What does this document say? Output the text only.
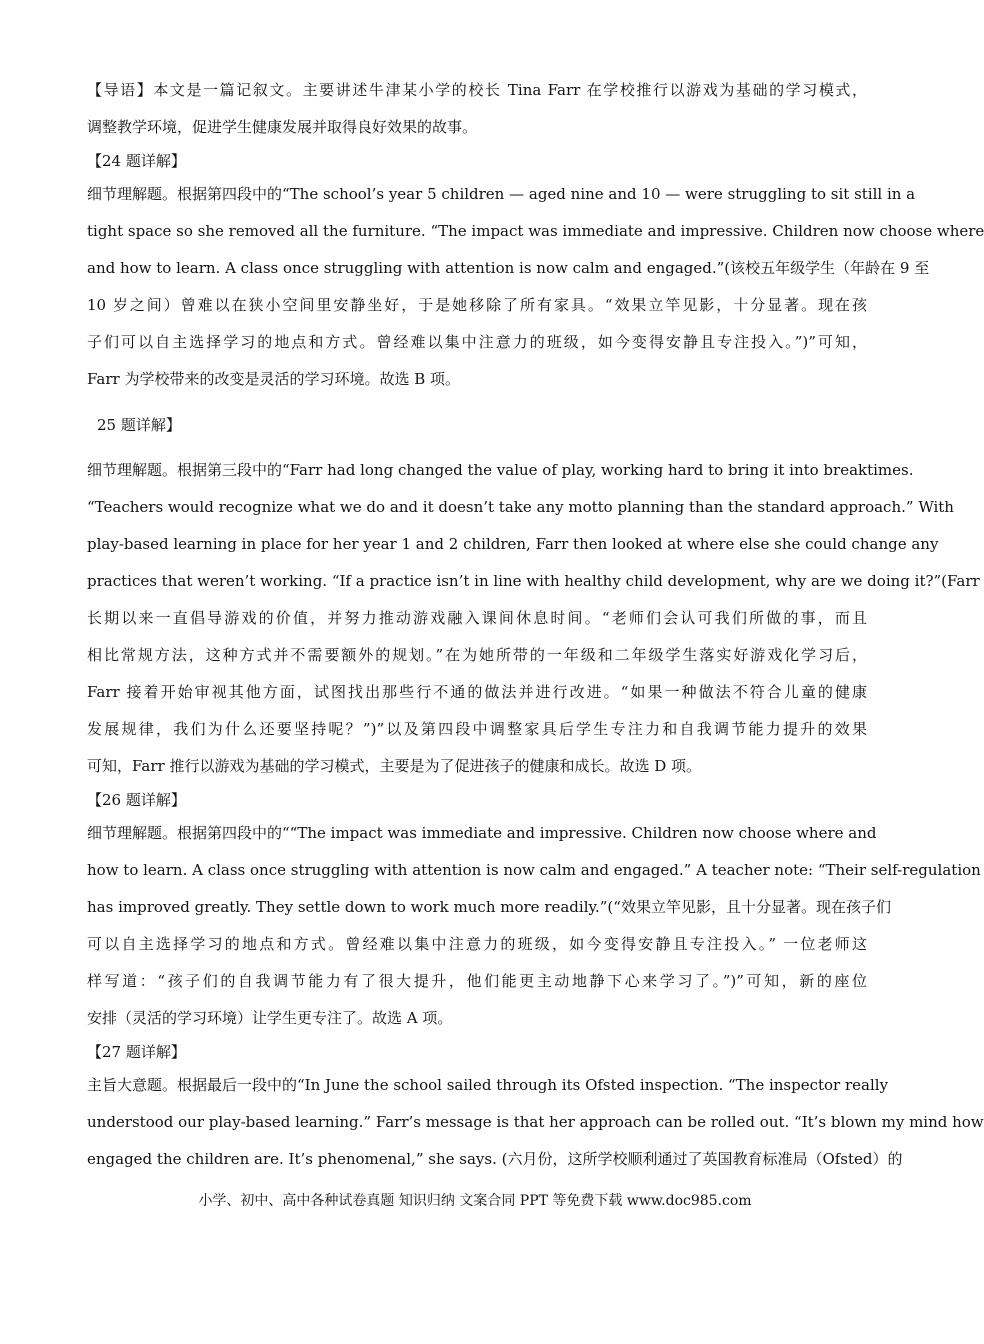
【导语】本文是一篇记叙文。主要讲述牛津某小学的校长 Tina Farr 在学校推行以游戏为基础的学习模式，
调整教学环境，促进学生健康发展并取得良好效果的故事。
【24 题详解】
细节理解题。根据第四段中的“The school’s year 5 children — aged nine and 10 — were struggling to sit still in a
tight space so she removed all the furniture. “The impact was immediate and impressive. Children now choose where
and how to learn. A class once struggling with attention is now calm and engaged.”(该校五年级学生（年龄在 9 至
10 岁之间）曾难以在狭小空间里安静坐好，于是她移除了所有家具。“效果立竿见影，十分显著。现在孩
子们可以自主选择学习的地点和方式。曾经难以集中注意力的班级，如今变得安静且专注投入。”)”可知，
Farr 为学校带来的改变是灵活的学习环境。故选 B 项。
25 题详解】
细节理解题。根据第三段中的“Farr had long changed the value of play, working hard to bring it into breaktimes.
“Teachers would recognize what we do and it doesn’t take any motto planning than the standard approach.” With
play-based learning in place for her year 1 and 2 children, Farr then looked at where else she could change any
practices that weren’t working. “If a practice isn’t in line with healthy child development, why are we doing it?”(Farr
长期以来一直倡导游戏的价值，并努力推动游戏融入课间休息时间。“老师们会认可我们所做的事，而且
相比常规方法，这种方式并不需要额外的规划。”在为她所带的一年级和二年级学生落实好游戏化学习后，
Farr 接着开始审视其他方面，试图找出那些行不通的做法并进行改进。“如果一种做法不符合儿童的健康
发展规律，我们为什么还要坚持呢？”)”以及第四段中调整家具后学生专注力和自我调节能力提升的效果
可知，Farr 推行以游戏为基础的学习模式，主要是为了促进孩子的健康和成长。故选 D 项。
【26 题详解】
细节理解题。根据第四段中的““The impact was immediate and impressive. Children now choose where and
how to learn. A class once struggling with attention is now calm and engaged.” A teacher note: “Their self-regulation
has improved greatly. They settle down to work much more readily.”(“效果立竿见影，且十分显著。现在孩子们
可以自主选择学习的地点和方式。曾经难以集中注意力的班级，如今变得安静且专注投入。” 一位老师这
样写道：“孩子们的自我调节能力有了很大提升，他们能更主动地静下心来学习了。”)”可知，新的座位
安排（灵活的学习环境）让学生更专注了。故选 A 项。
【27 题详解】
主旨大意题。根据最后一段中的“In June the school sailed through its Ofsted inspection. “The inspector really
understood our play-based learning.” Farr’s message is that her approach can be rolled out. “It’s blown my mind how
engaged the children are. It’s phenomenal,” she says. (六月份，这所学校顺利通过了英国教育标准局（Ofsted）的
小学、初中、高中各种试卷真题 知识归纳 文案合同 PPT 等免费下载 www.doc985.com
